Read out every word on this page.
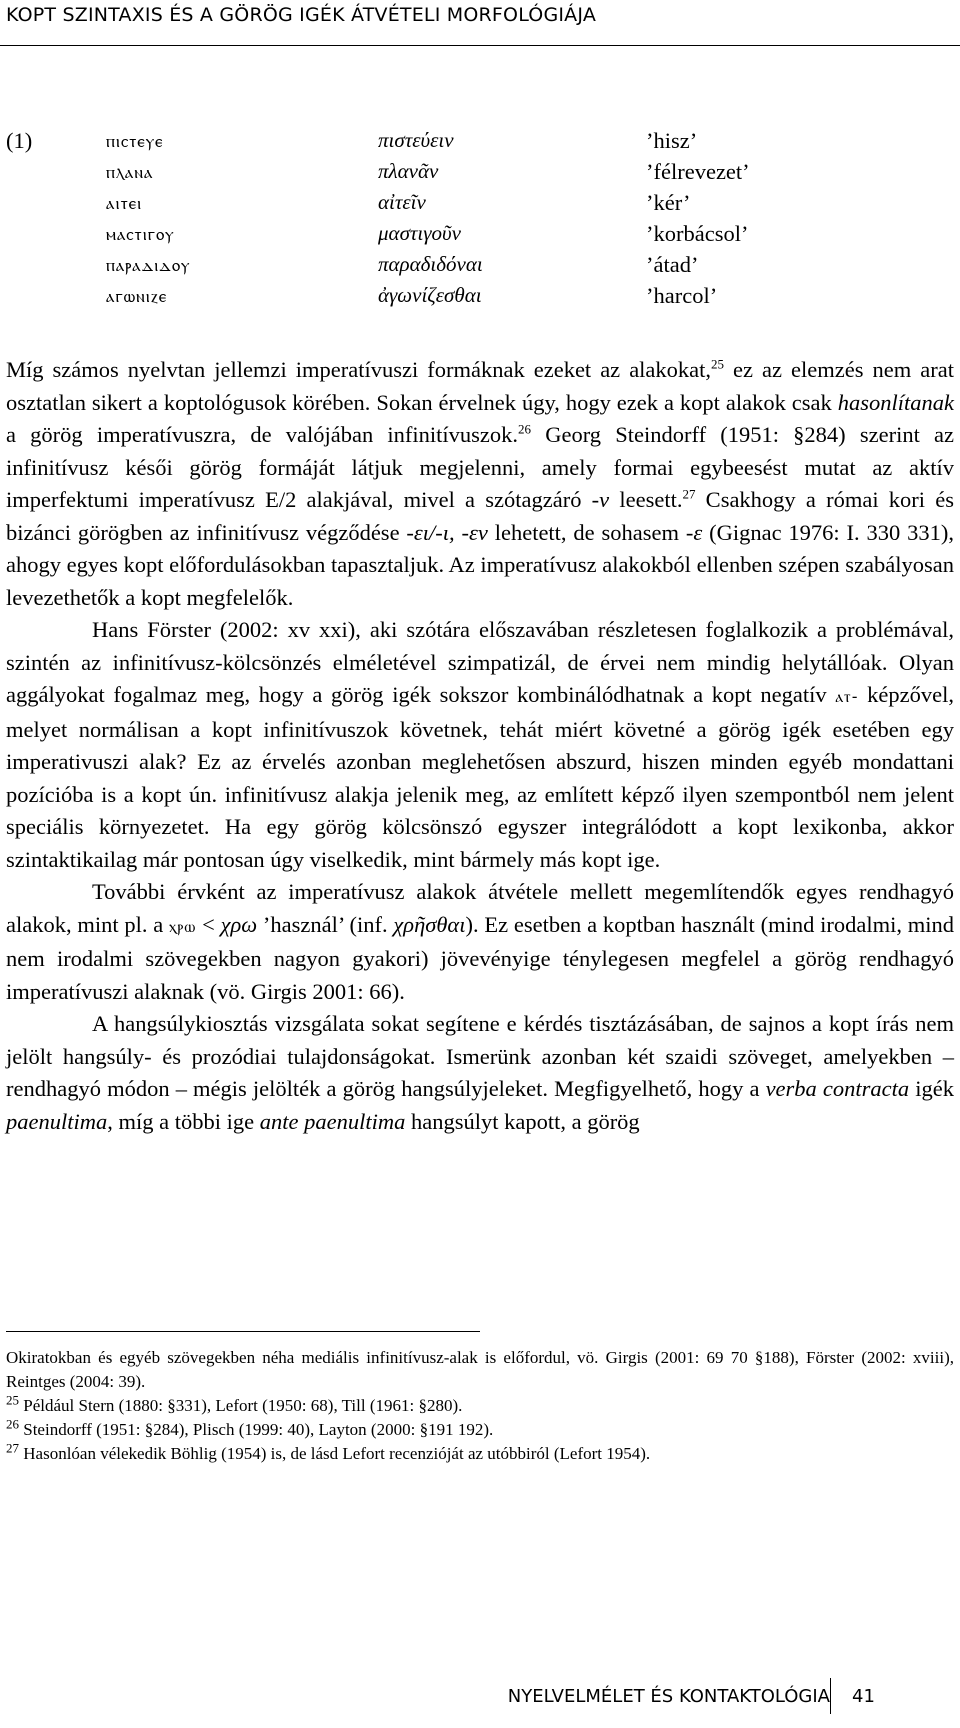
KOPT SZINTAXIS ÉS A GÖRÖG IGÉK ÁTVÉTELI MORFOLÓGIÁJA
(1)	ⲡⲓⲥⲧⲉⲩⲉ	πιστεύειν	’hisz’
ⲡⲗⲁⲛⲁ	πλανᾶν	’félrevezet’
ⲁⲓⲧⲉⲓ	αἰτεῖν	’kér’
ⲙⲁⲥⲧⲓⲅⲟⲩ	μαστιγοῦν	’korbácsol’
ⲡⲁⲣⲁⲇⲓⲇⲟⲩ	παραδιδόναι	’átad’
ⲁⲅⲱⲛⲓⲍⲉ	ἀγωνίζεσθαι	’harcol’

Míg számos nyelvtan jellemzi imperatívuszi formáknak ezeket az alakokat,$^{25}$ ez az elemzés nem arat osztatlan sikert a koptológusok körében. Sokan érvelnek úgy, hogy ezek a kopt alakok csak hasonlítanak a görög imperatívuszra, de valójában infinitívuszok.$^{26}$ Georg Steindorff (1951: §284) szerint az infinitívusz késői görög formáját látjuk megjelenni, amely formai egybeesést mutat az aktív imperfektumi imperatívusz E/2 alakjával, mivel a szótagzáró -ν leesett.$^{27}$ Csakhogy a római kori és bizánci görögben az infinitívusz végződése -ει/-ι, -εν lehetett, de sohasem -ε (Gignac 1976: I. 330 331), ahogy egyes kopt előfordulásokban tapasztaljuk. Az imperatívusz alakokból ellenben szépen szabályosan levezethetők a kopt megfelelők.

Hans Förster (2002: xv xxi), aki szótára előszavában részletesen foglalkozik a problémával, szintén az infinitívusz-kölcsönzés elméletével szimpatizál, de érvei nem mindig helytállóak. Olyan aggályokat fogalmaz meg, hogy a görög igék sokszor kombinálódhatnak a kopt negatív ⲁⲧ- képzővel, melyet normálisan a kopt infinitívuszok követnek, tehát miért követné a görög igék esetében egy imperativuszi alak? Ez az érvelés azonban meglehetősen abszurd, hiszen minden egyéb mondattani pozícióba is a kopt ún. infinitívusz alakja jelenik meg, az említett képző ilyen szempontból nem jelent speciális környezetet. Ha egy görög kölcsönszó egyszer integrálódott a kopt lexikonba, akkor szintaktikailag már pontosan úgy viselkedik, mint bármely más kopt ige.

További érvként az imperatívusz alakok átvétele mellett megemlítendők egyes rendhagyó alakok, mint pl. a ⲭⲣⲱ < χρω ’használ’ (inf. χρῆσθαι). Ez esetben a koptban használt (mind irodalmi, mind nem irodalmi szövegekben nagyon gyakori) jövevényige ténylegesen megfelel a görög rendhagyó imperatívuszi alaknak (vö. Girgis 2001: 66).

A hangsúlykiosztás vizsgálata sokat segítene e kérdés tisztázásában, de sajnos a kopt írás nem jelölt hangsúly- és prozódiai tulajdonságokat. Ismerünk azonban két szaidi szöveget, amelyekben – rendhagyó módon – mégis jelölték a görög hangsúlyjeleket. Megfigyelhető, hogy a verba contracta igék paenultima, míg a többi ige ante paenultima hangsúlyt kapott, a görög

Okiratokban és egyéb szövegekben néha mediális infinitívusz-alak is előfordul, vö. Girgis (2001: 69 70 §188), Förster (2002: xviii), Reintges (2004: 39).

$^{25}$ Például Stern (1880: §331), Lefort (1950: 68), Till (1961: §280).

$^{26}$ Steindorff (1951: §284), Plisch (1999: 40), Layton (2000: §191 192).

$^{27}$ Hasonlóan vélekedik Böhlig (1954) is, de lásd Lefort recenzióját az utóbbiról (Lefort 1954).

NYELVELMÉLET ÉS KONTAKTOLÓGIA 41
